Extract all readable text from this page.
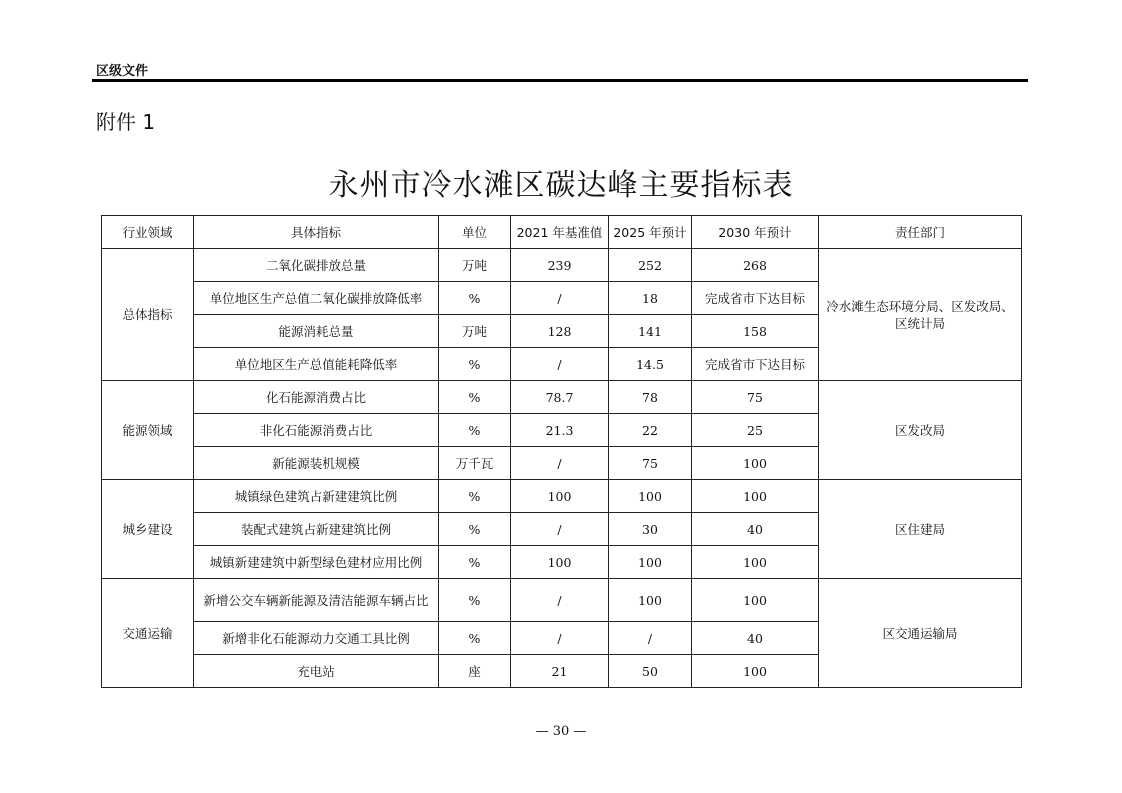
区级文件
附件 1
永州市冷水滩区碳达峰主要指标表
行业领域	具体指标	单位	2021 年基准值	2025 年预计	2030 年预计	责任部门
总体指标	二氧化碳排放总量	万吨	239	252	268	冷水滩生态环境分局、区发改局、区统计局
	单位地区生产总值二氧化碳排放降低率	%	/	18	完成省市下达目标	
	能源消耗总量	万吨	128	141	158	
	单位地区生产总值能耗降低率	%	/	14.5	完成省市下达目标	
能源领域	化石能源消费占比	%	78.7	78	75	区发改局
	非化石能源消费占比	%	21.3	22	25	
	新能源装机规模	万千瓦	/	75	100	
城乡建设	城镇绿色建筑占新建建筑比例	%	100	100	100	区住建局
	装配式建筑占新建建筑比例	%	/	30	40	
	城镇新建建筑中新型绿色建材应用比例	%	100	100	100	
交通运输	新增公交车辆新能源及清洁能源车辆占比	%	/	100	100	区交通运输局
	新增非化石能源动力交通工具比例	%	/	/	40	
	充电站	座	21	50	100	
— 30 —
